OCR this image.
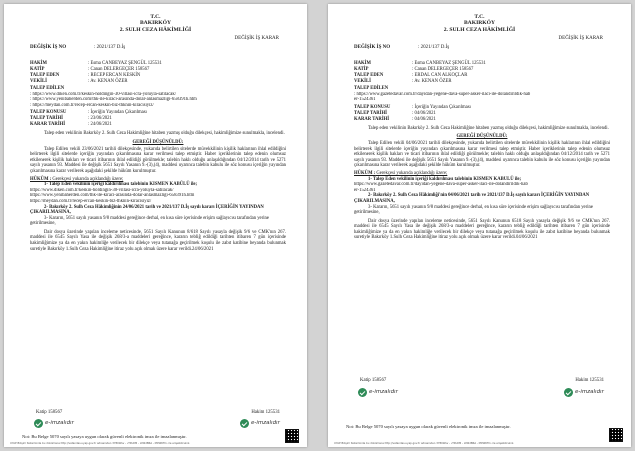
T.C.
BAKIRKÖY
2. SULH CEZA HÂKİMLİĞİ
DEĞİŞİK İŞ KARAR
DEĞİŞİK İŞ NO	: 2021/137 D.İş
HAKİM	: Esma CANBEYAZ ŞENGÜL 125531
KATİP	: Canan DELERGEÇER 158567
TALEP EDEN	: RECEP ERCAN KESKİN
VEKİLİ	: Av. KENAN ÖZER
TALEP EDİLEN
: https://www.diken.com.tr/keskin-holdingin-30-villasi-icra-yoluyla-satilacak/
: https://www.yenibaherden.com/thk-ile-kiraci-arasinda-dolar-anlasmazligi-658391h.htm
: https://meydan.com.tr/recep-ercan-keskin-biz-thknin-kiracisiyiz/
TALEP KONUSU	: İçeriğin Yayından Çıkarılması
TALEP TARİHİ	: 23/06/2021
KARAR TARİHİ	: 24/06/2021
Talep eden vekilinin Bakırköy 2. Sulh Ceza Hakimliğine hitaben yazmış olduğu dilekçesi, hakimliğimize sunulmakla, incelendi.
GEREĞİ DÜŞÜNÜLDÜ:
Talep Edilen vekili 23/06/2021 tarihli dilekçesinde, yukarıda belirtilen sitelerde müvekkilinin kişilik haklarının ihlal edildiğini belirterek ilgili sitelerde içeriğin yayından çıkarılmasına karar verilmesi talep etmiştir. Haber içeriklerinin talep edenin olumsuz etkilenerek kişilik hakları ve ticari itibarının ihlal edildiği görülmekle; talebin haklı olduğu anlaşıldığından 04/12/2014 tarih ve 5271 sayılı yasanın 93. Maddesi ile değişik 5651 Sayılı Yasanın 9.-(3),(4), maddesi uyarınca talebin kabulu ile söz konusu içeriğin yayından çıkarılmasına karar verilerek aşağıdaki şekilde hüküm kurulmuştur.
HÜKÜM : Gerekçesi yukarıda açıklandığı üzere;
1- Talep Eden vekilinin içeriği kaldırılması talebinin KISMEN KABÜLÜ ile;
https://www.diken.com.tr/keskin-holdingin-30-villasi-icra-yoluyla-satilacak/
https://www.yenibaherden.com/thk-ile-kiraci-arasinda-dolar-anlasmazligi-658391h.htm
https://meydan.com.tr/recep-ercan-keskin-biz-thknin-kiracisiyiz/
2- Bakırköy 2. Sulh Ceza Hâkimliğinin 24/06/2021 tarih ve 2021/137 D.İş sayılı kararı İÇERİĞİN YAYINDAN ÇIKARILMASINA,
3- Kararın, 5651 sayılı yasanın 9/8 maddesi gereğince derhal, en kısa süre içerisinde erişim sağlayıcısı tarafından yerine getirilmesine,
Dair dosya üzerinde yapılan inceleme neticesinde, 5651 Sayılı Kanunun 8/618 Sayılı yasayla değişik 9/6 ve CMK'nın 267. maddesi ile 6545 Sayılı Yasa ile değişik 268/3-a maddeleri gereğince, kararın tebliğ edildiği tarihten itibaren 7 gün içerisinde hakimliğimize ya da en yakın hakimliğe verilecek bir dilekçe veya tutanağa geçirilmek koşulu ile zabıt katibine beyanda bulunmak suretiyle Bakırköy 1.Sulh Ceza Hakimliğine itiraz yolu açık olmak üzere karar verildi.24/06/2021
Katip 158567	Hakim 125531
e-imzalıdır	e-imzalıdır
Not: Bu Belge 5070 sayılı yasaya uygun olarak güvenli elektronik imza ile imzalanmıştır.
UYAP Bilişim Sisteminde bu dokümana http://vatandas.uyap.gov.tr adresinden 3780Wsv - «TPuDM - LM4dBRA - M0W6TC» ile erişebilirsiniz.
T.C.
BAKIRKÖY
2. SULH CEZA HÂKİMLİĞİ
DEĞİŞİK İŞ KARAR
DEĞİŞİK İŞ NO	: 2021/137 D.İş
HAKİM	: Esma CANBEYAZ ŞENGÜL 125531
KATİP	: Canan DELERGEÇER 158567
TALEP EDEN	: ERDAL CAN ALKOÇLAR
VEKİLİ	: Av. KENAN ÖZER
TALEP EDİLEN
: https://www.gazetedavar.com.tr/dayidan-yegene-dava-super-asker-ilaci-ile-dolandirildik-hab
er-1524361
TALEP KONUSU	: İçeriğin Yayından Çıkarılması
TALEP TARİHİ	: 04/06/2021
KARAR TARİHİ	: 04/06/2021
Talep eden vekilinin Bakırköy 2. Sulh Ceza Hakimliğine hitaben yazmış olduğu dilekçesi, hakimliğimize sunulmakla, incelendi.
GEREĞİ DÜŞÜNÜLDÜ:
Talep Edilen vekili 04/06/2021 tarihli dilekçesinde, yukarıda belirtilen sitelerde müvekkilinin kişilik haklarının ihlal edildiğini belirterek ilgili sitelerde içeriğin yayından çıkarılmasına karar verilmesi talep etmiştir. Haber içeriklerinin talep edenin olumsuz etkilenerek kişilik hakları ve ticari itibarının ihlal edildiği görülmekle; talebin haklı olduğu anlaşıldığından 04/12/2014 tarih ve 5271 sayılı yasanın 93. Maddesi ile değişik 5651 Sayılı Yasanın 9.-(3),(4), maddesi uyarınca talebin kabulu ile söz konusu içeriğin yayından çıkarılmasına karar verilerek aşağıdaki şekilde hüküm kurulmuştur.
HÜKÜM : Gerekçesi yukarıda açıklandığı üzere;
1- Talep Eden vekilinin içeriği kaldırılması talebinin KISMEN KABULÜ ile;
https://www.gazetedavar.com.tr/dayidan-yegene-dava-super-asker-ilaci-ile-dolandirildik-hab
er-1524361
2- Bakırköy 2. Sulh Ceza Hâkimliği'nin 04/06/2021 tarih ve 2021/137 D.İş sayılı kararı İÇERİĞİN YAYINDAN ÇIKARILMASINA,
3- Kararın, 5651 sayılı yasanın 9/8 maddesi gereğince derhal, en kısa süre içerisinde erişim sağlayıcısı tarafından yerine getirilmesine,
Dair dosya üzerinde yapılan inceleme neticesinde, 5651 Sayılı Kanunun 6518 Sayılı yasayla değişik 9/6 ve CMK'nın 267. maddesi ile 6545 Sayılı Yasa ile değişik 268/3-a maddeleri gereğince, kararın tebliğ edildiği tarihten itibaren 7 gün içerisinde hakimliğimize ya da en yakın hakimliğe verilecek bir dilekçe veya tutanağa geçirilmek koşulu ile zabıt katibine beyanda bulunmak suretiyle Bakırköy 1.Sulh Ceza Hakimliğine itiraz yolu açık olmak üzere karar verildi.04/06/2021
Katip 158567	Hakim 125531
e-imzalıdır	e-imzalıdır
Not: Bu Belge 5070 sayılı yasaya uygun olarak güvenli elektronik imza ile imzalanmıştır.
UYAP Bilişim Sisteminde bu dokümana http://vatandas.uyap.gov.tr adresinden 3780Wsv - «TPuDM - LM4dBRA - M0W6TC» ile erişebilirsiniz.
